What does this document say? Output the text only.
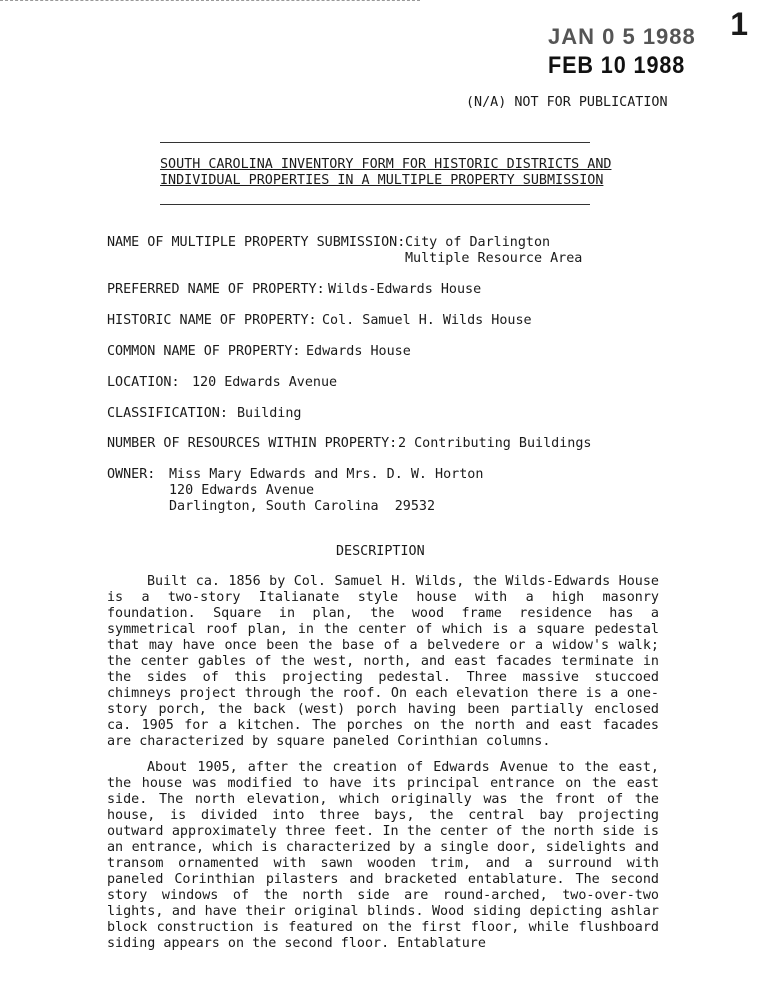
1
JAN 0 5 1988
FEB 10 1988
(N/A) NOT FOR PUBLICATION
SOUTH CAROLINA INVENTORY FORM FOR HISTORIC DISTRICTS AND
INDIVIDUAL PROPERTIES IN A MULTIPLE PROPERTY SUBMISSION
NAME OF MULTIPLE PROPERTY SUBMISSION: City of Darlington
Multiple Resource Area
PREFERRED NAME OF PROPERTY: Wilds-Edwards House
HISTORIC NAME OF PROPERTY: Col. Samuel H. Wilds House
COMMON NAME OF PROPERTY: Edwards House
LOCATION: 120 Edwards Avenue
CLASSIFICATION: Building
NUMBER OF RESOURCES WITHIN PROPERTY: 2 Contributing Buildings
OWNER: Miss Mary Edwards and Mrs. D. W. Horton
120 Edwards Avenue
Darlington, South Carolina  29532
DESCRIPTION
Built ca. 1856 by Col. Samuel H. Wilds, the Wilds-Edwards House is a two-story Italianate style house with a high masonry foundation. Square in plan, the wood frame residence has a symmetrical roof plan, in the center of which is a square pedestal that may have once been the base of a belvedere or a widow's walk; the center gables of the west, north, and east facades terminate in the sides of this projecting pedestal. Three massive stuccoed chimneys project through the roof. On each elevation there is a one-story porch, the back (west) porch having been partially enclosed ca. 1905 for a kitchen. The porches on the north and east facades are characterized by square paneled Corinthian columns.
About 1905, after the creation of Edwards Avenue to the east, the house was modified to have its principal entrance on the east side. The north elevation, which originally was the front of the house, is divided into three bays, the central bay projecting outward approximately three feet. In the center of the north side is an entrance, which is characterized by a single door, sidelights and transom ornamented with sawn wooden trim, and a surround with paneled Corinthian pilasters and bracketed entablature. The second story windows of the north side are round-arched, two-over-two lights, and have their original blinds. Wood siding depicting ashlar block construction is featured on the first floor, while flushboard siding appears on the second floor. Entablature
